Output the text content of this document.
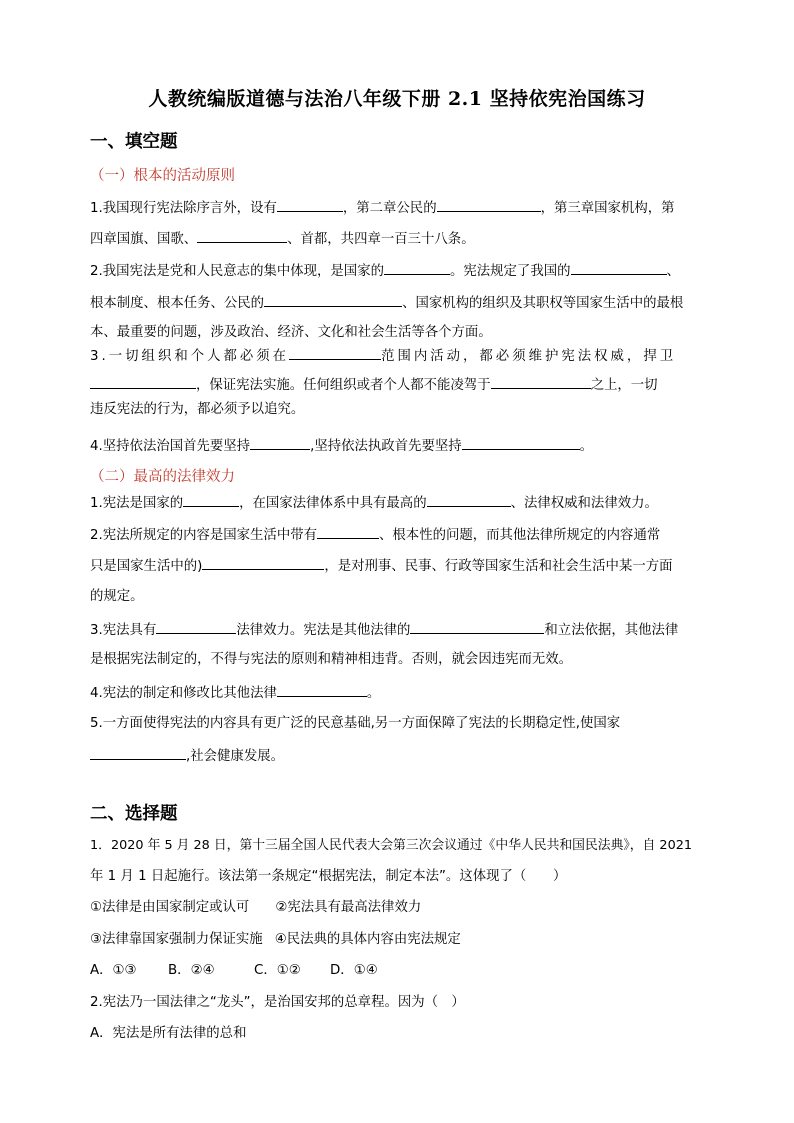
人教统编版道德与法治八年级下册 2.1 坚持依宪治国练习
一、填空题
（一）根本的活动原则
1.我国现行宪法除序言外，设有	，第二章公民的	，第三章国家机构，第
四章国旗、国歌、	、首都，共四章一百三十八条。
2.我国宪法是党和人民意志的集中体现，是国家的	。宪法规定了我国的	、
根本制度、根本任务、公民的	、国家机构的组织及其职权等国家生活中的最根
本、最重要的问题，涉及政治、经济、文化和社会生活等各个方面。
3.一切组织和个人都必须在	范围内活动，都必须维护宪法权威，捍卫
，保证宪法实施。任何组织或者个人都不能凌驾于	之上，一切
违反宪法的行为，都必须予以追究。
4.坚持依法治国首先要坚持	,坚持依法执政首先要坚持	。
（二）最高的法律效力
1.宪法是国家的	，在国家法律体系中具有最高的	、法律权威和法律效力。
2.宪法所规定的内容是国家生活中带有	、根本性的问题，而其他法律所规定的内容通常
只是国家生活中的)	，是对刑事、民事、行政等国家生活和社会生活中某一方面
的规定。
3.宪法具有	法律效力。宪法是其他法律的	和立法依据，其他法律
是根据宪法制定的，不得与宪法的原则和精神相违背。否则，就会因违宪而无效。
4.宪法的制定和修改比其他法律	。
5.一方面使得宪法的内容具有更广泛的民意基础,另一方面保障了宪法的长期稳定性,使国家
,社会健康发展。
二、选择题
1．2020 年 5 月 28 日，第十三届全国人民代表大会第三次会议通过《中华人民共和国民法典》，自 2021
年 1 月 1 日起施行。该法第一条规定“根据宪法，制定本法”。这体现了（　　）
①法律是由国家制定或认可 ②宪法具有最高法律效力
③法律靠国家强制力保证实施 ④民法典的具体内容由宪法规定
A．①③ B．②④	C．①② D．①④
2.宪法乃一国法律之“龙头”，是治国安邦的总章程。因为（　）
A．宪法是所有法律的总和
